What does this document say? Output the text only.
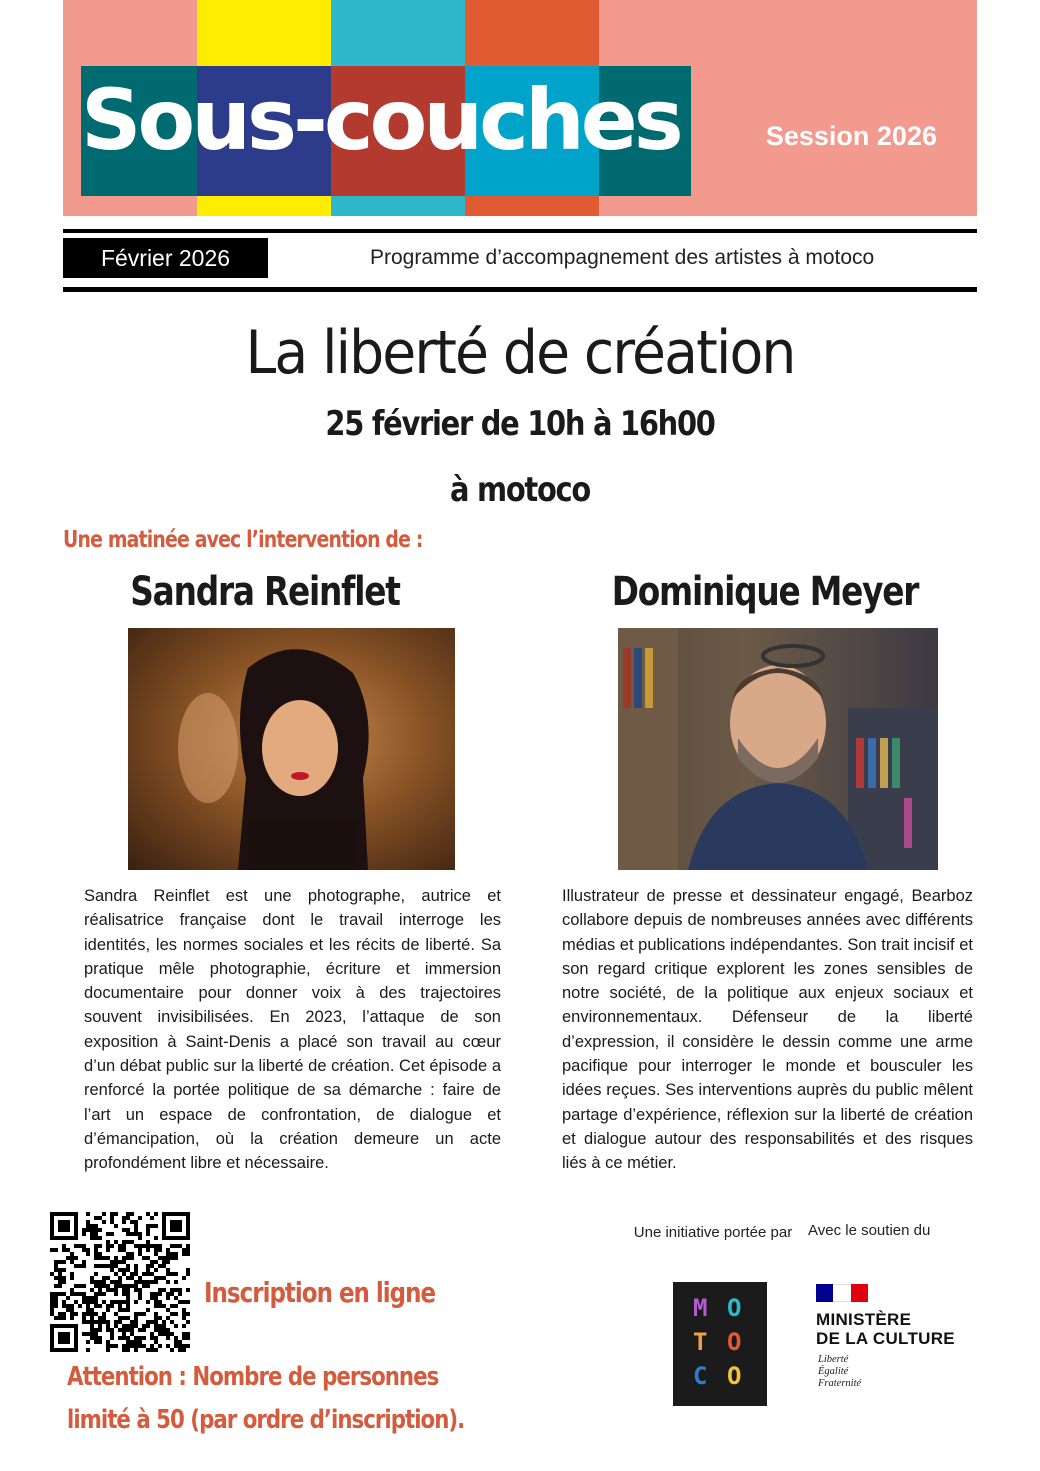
Sous-couches	Session 2026
Février 2026	Programme d’accompagnement des artistes à motoco
La liberté de création
25 février de 10h à 16h00
à motoco
Une matinée avec l’intervention de :
Sandra Reinflet	Dominique Meyer
Sandra Reinflet est une photographe, autrice et réalisatrice française dont le travail interroge les identités, les normes sociales et les récits de liberté. Sa pratique mêle photographie, écriture et immersion documentaire pour donner voix à des trajectoires souvent invisibilisées. En 2023, l’attaque de son exposition à Saint-Denis a placé son travail au cœur d’un débat public sur la liberté de création. Cet épisode a renforcé la portée politique de sa démarche : faire de l’art un espace de confrontation, de dialogue et d’émancipation, où la création demeure un acte profondément libre et nécessaire.
Illustrateur de presse et dessinateur engagé, Bearboz collabore depuis de nombreuses années avec différents médias et publications indépendantes. Son trait incisif et son regard critique explorent les zones sensibles de notre société, de la politique aux enjeux sociaux et environnementaux. Défenseur de la liberté d’expression, il considère le dessin comme une arme pacifique pour interroger le monde et bousculer les idées reçues. Ses interventions auprès du public mêlent partage d’expérience, réflexion sur la liberté de création et dialogue autour des responsabilités et des risques liés à ce métier.
Inscription en ligne
Attention : Nombre de personnes
limité à 50 (par ordre d’inscription).
Une initiative portée par	Avec le soutien du
M O
T O
C O
MINISTÈRE
DE LA CULTURE
Liberté
Égalité
Fraternité
